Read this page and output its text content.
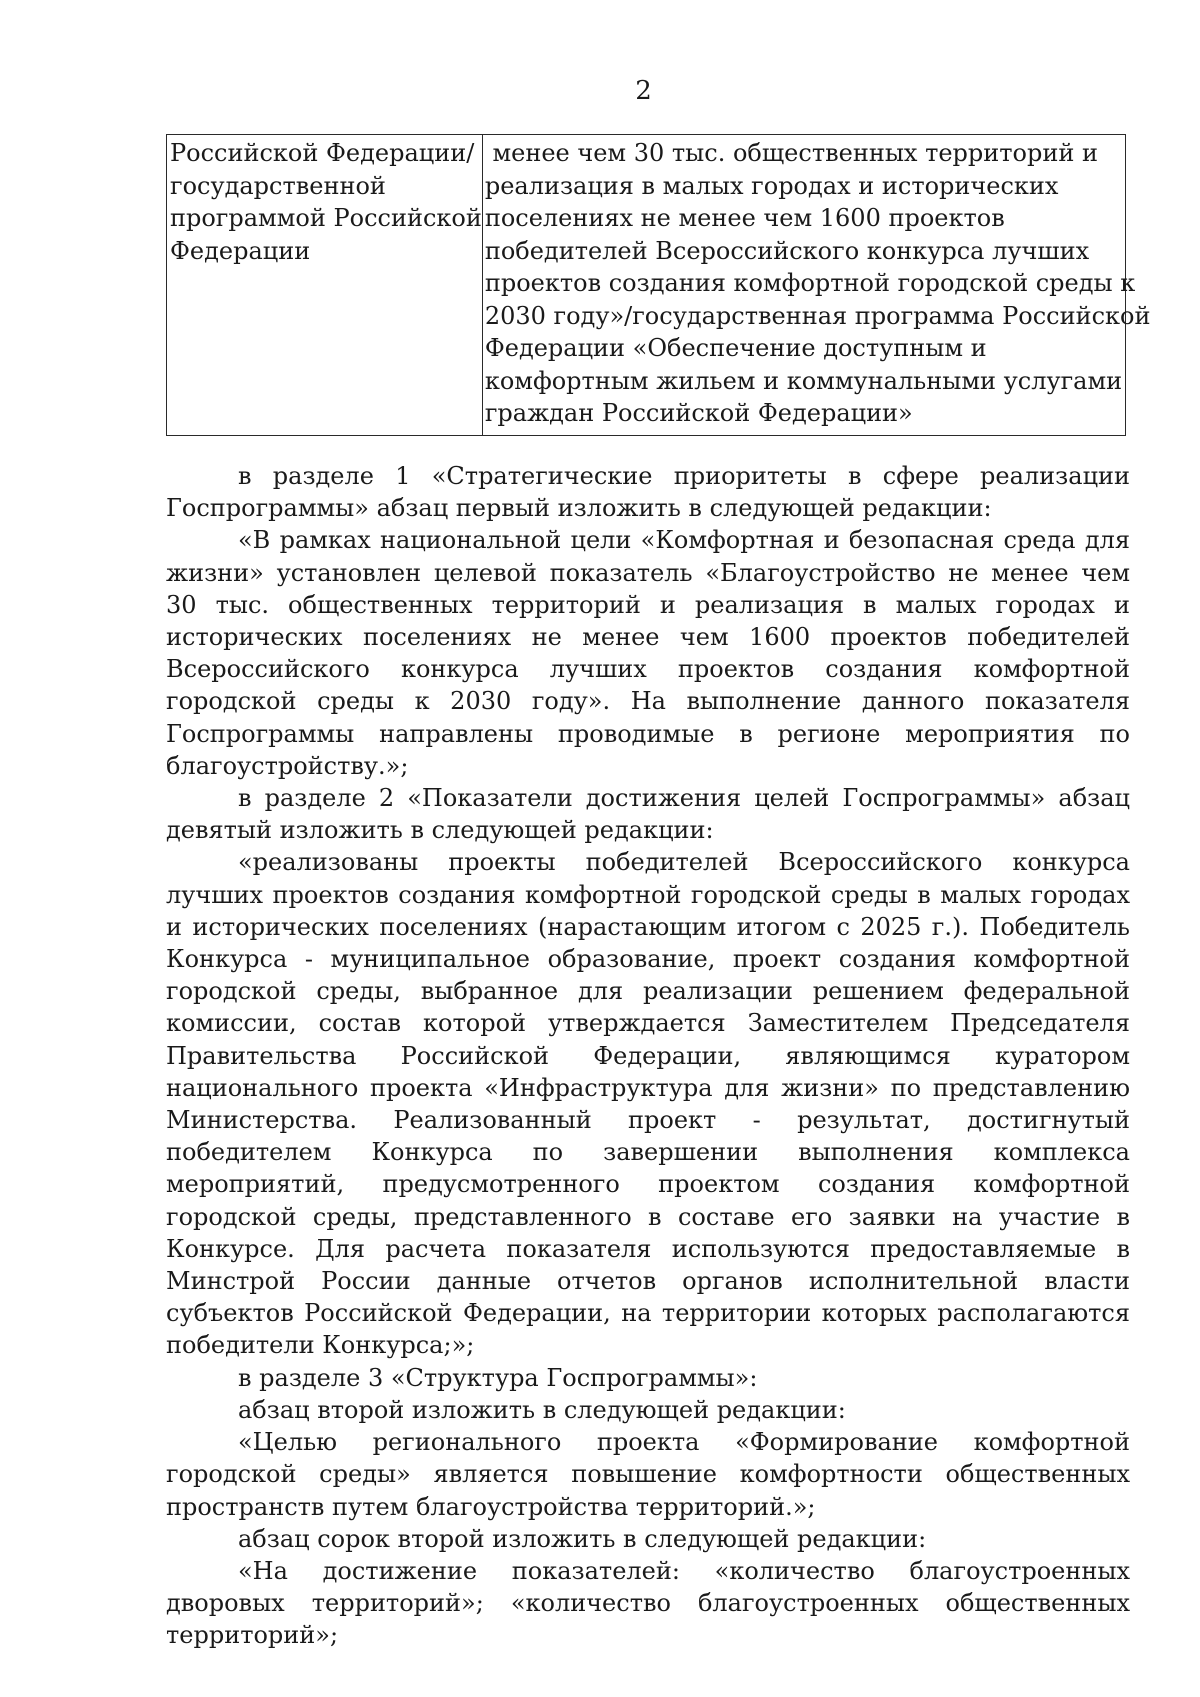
2
Российской Федерации/
государственной
программой Российской
Федерации
менее чем 30 тыс. общественных территорий и
реализация в малых городах и исторических
поселениях не менее чем 1600 проектов
победителей Всероссийского конкурса лучших
проектов создания комфортной городской среды к
2030 году»/государственная программа Российской
Федерации «Обеспечение доступным и
комфортным жильем и коммунальными услугами
граждан Российской Федерации»

в разделе 1 «Стратегические приоритеты в сфере реализации Госпрограммы» абзац первый изложить в следующей редакции:

«В рамках национальной цели «Комфортная и безопасная среда для жизни» установлен целевой показатель «Благоустройство не менее чем 30 тыс. общественных территорий и реализация в малых городах и исторических поселениях не менее чем 1600 проектов победителей Всероссийского конкурса лучших проектов создания комфортной городской среды к 2030 году». На выполнение данного показателя Госпрограммы направлены проводимые в регионе мероприятия по благоустройству.»;

в разделе 2 «Показатели достижения целей Госпрограммы» абзац девятый изложить в следующей редакции:

«реализованы проекты победителей Всероссийского конкурса лучших проектов создания комфортной городской среды в малых городах и исторических поселениях (нарастающим итогом с 2025 г.). Победитель Конкурса - муниципальное образование, проект создания комфортной городской среды, выбранное для реализации решением федеральной комиссии, состав которой утверждается Заместителем Председателя Правительства Российской Федерации, являющимся куратором национального проекта «Инфраструктура для жизни» по представлению Министерства. Реализованный проект - результат, достигнутый победителем Конкурса по завершении выполнения комплекса мероприятий, предусмотренного проектом создания комфортной городской среды, представленного в составе его заявки на участие в Конкурсе. Для расчета показателя используются предоставляемые в Минстрой России данные отчетов органов исполнительной власти субъектов Российской Федерации, на территории которых располагаются победители Конкурса;»;

в разделе 3 «Структура Госпрограммы»:

абзац второй изложить в следующей редакции:

«Целью регионального проекта «Формирование комфортной городской среды» является повышение комфортности общественных пространств путем благоустройства территорий.»;

абзац сорок второй изложить в следующей редакции:

«На достижение показателей: «количество благоустроенных дворовых территорий»; «количество благоустроенных общественных территорий»;
